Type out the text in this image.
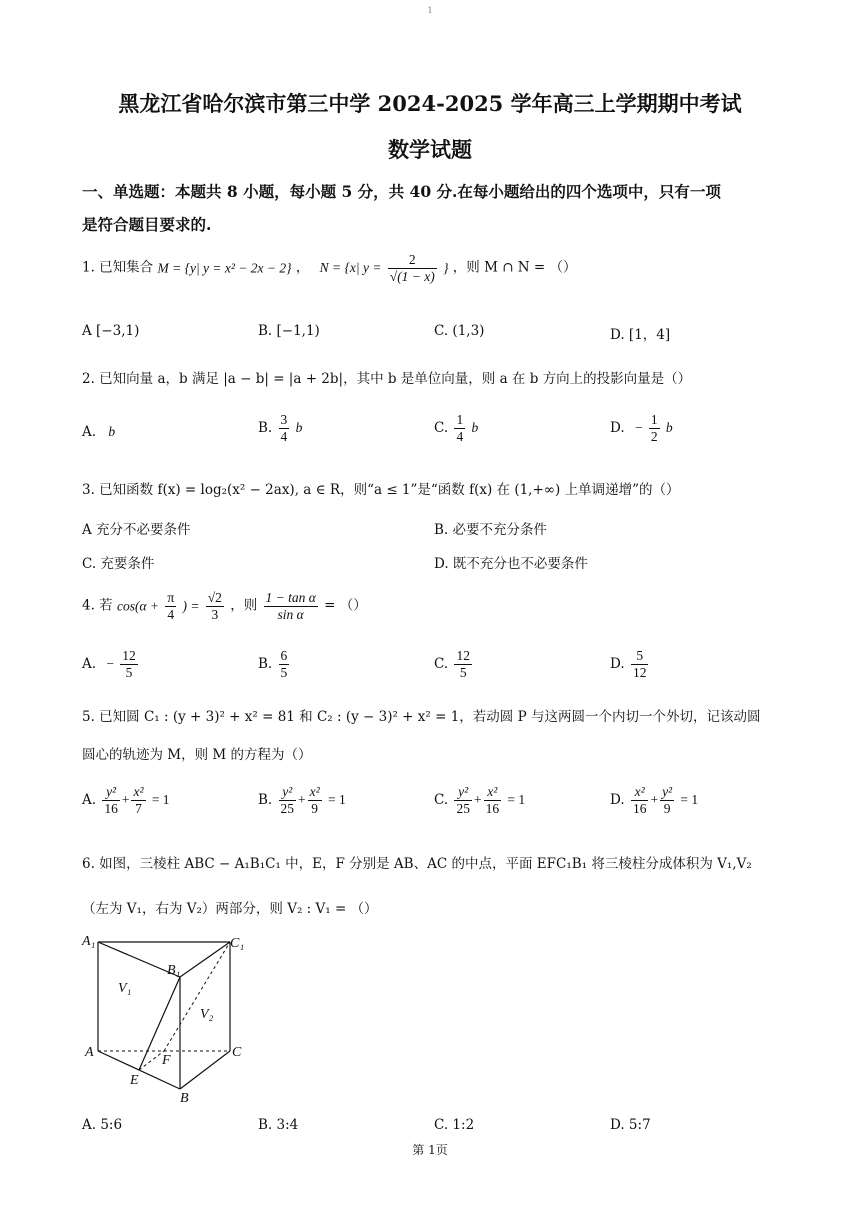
1
黑龙江省哈尔滨市第三中学 2024-2025 学年高三上学期期中考试
数学试题
一、单选题：本题共 8 小题，每小题 5 分，共 40 分.在每小题给出的四个选项中，只有一项
是符合题目要求的.
1. 已知集合 M = {y| y = x² − 2x − 2} ， N = {x| $y = \frac{2}{√(1 - x)}$ } ，则 M ∩ N = （）
A [−3,1)	B. [−1,1)	C. (1,3)	D. [1，4]
2. 已知向量 a，b 满足 |a − b| = |a + 2b|，其中 b 是单位向量，则 a 在 b 方向上的投影向量是（）
A. b	B. $\frac{3}{4}$ b	C. $\frac{1}{4}$ b	D. − $\frac{1}{2}$ b
3. 已知函数 f(x) = log₂(x² − 2ax), a ∈ R，则“a ≤ 1”是“函数 f(x) 在 (1,+∞) 上单调递增”的（）
A 充分不必要条件	B. 必要不充分条件
C. 充要条件	D. 既不充分也不必要条件
4. 若 $\cos(\alpha + \frac{\pi}{4}$ ) = $\frac{√2}{3}$ ，则 $\frac{\text{1 − tan α}}{\text{sin α}}$ = （）
A. − $\frac{12}{5}$	B. $\frac{6}{5}$	C. $\frac{12}{5}$	D. $\frac{5}{12}$
5. 已知圆 C₁ : (y + 3)² + x² = 81 和 C₂ : (y − 3)² + x² = 1，若动圆 P 与这两圆一个内切一个外切，记该动圆
圆心的轨迹为 M，则 M 的方程为（）
A. $\frac{\text{y²}}{16} + \frac{\text{x²}}{7} = 1$	B. $\frac{\text{y²}}{25} + \frac{\text{x²}}{9} = 1$	C. $\frac{\text{y²}}{25} + \frac{\text{x²}}{16} = 1$	D. $\frac{\text{x²}}{16} + \frac{\text{y²}}{9} = 1$
6. 如图，三棱柱 ABC − A₁B₁C₁ 中，E，F 分别是 AB、AC 的中点，平面 EFC₁B₁ 将三棱柱分成体积为 V₁,V₂
（左为 V₁，右为 V₂）两部分，则 V₂ : V₁ = （）
A₁	C₁
B₁
V₁
V₂
A	C
F
E
B
A. 5:6	B. 3:4	C. 1:2	D. 5:7
第 1页
